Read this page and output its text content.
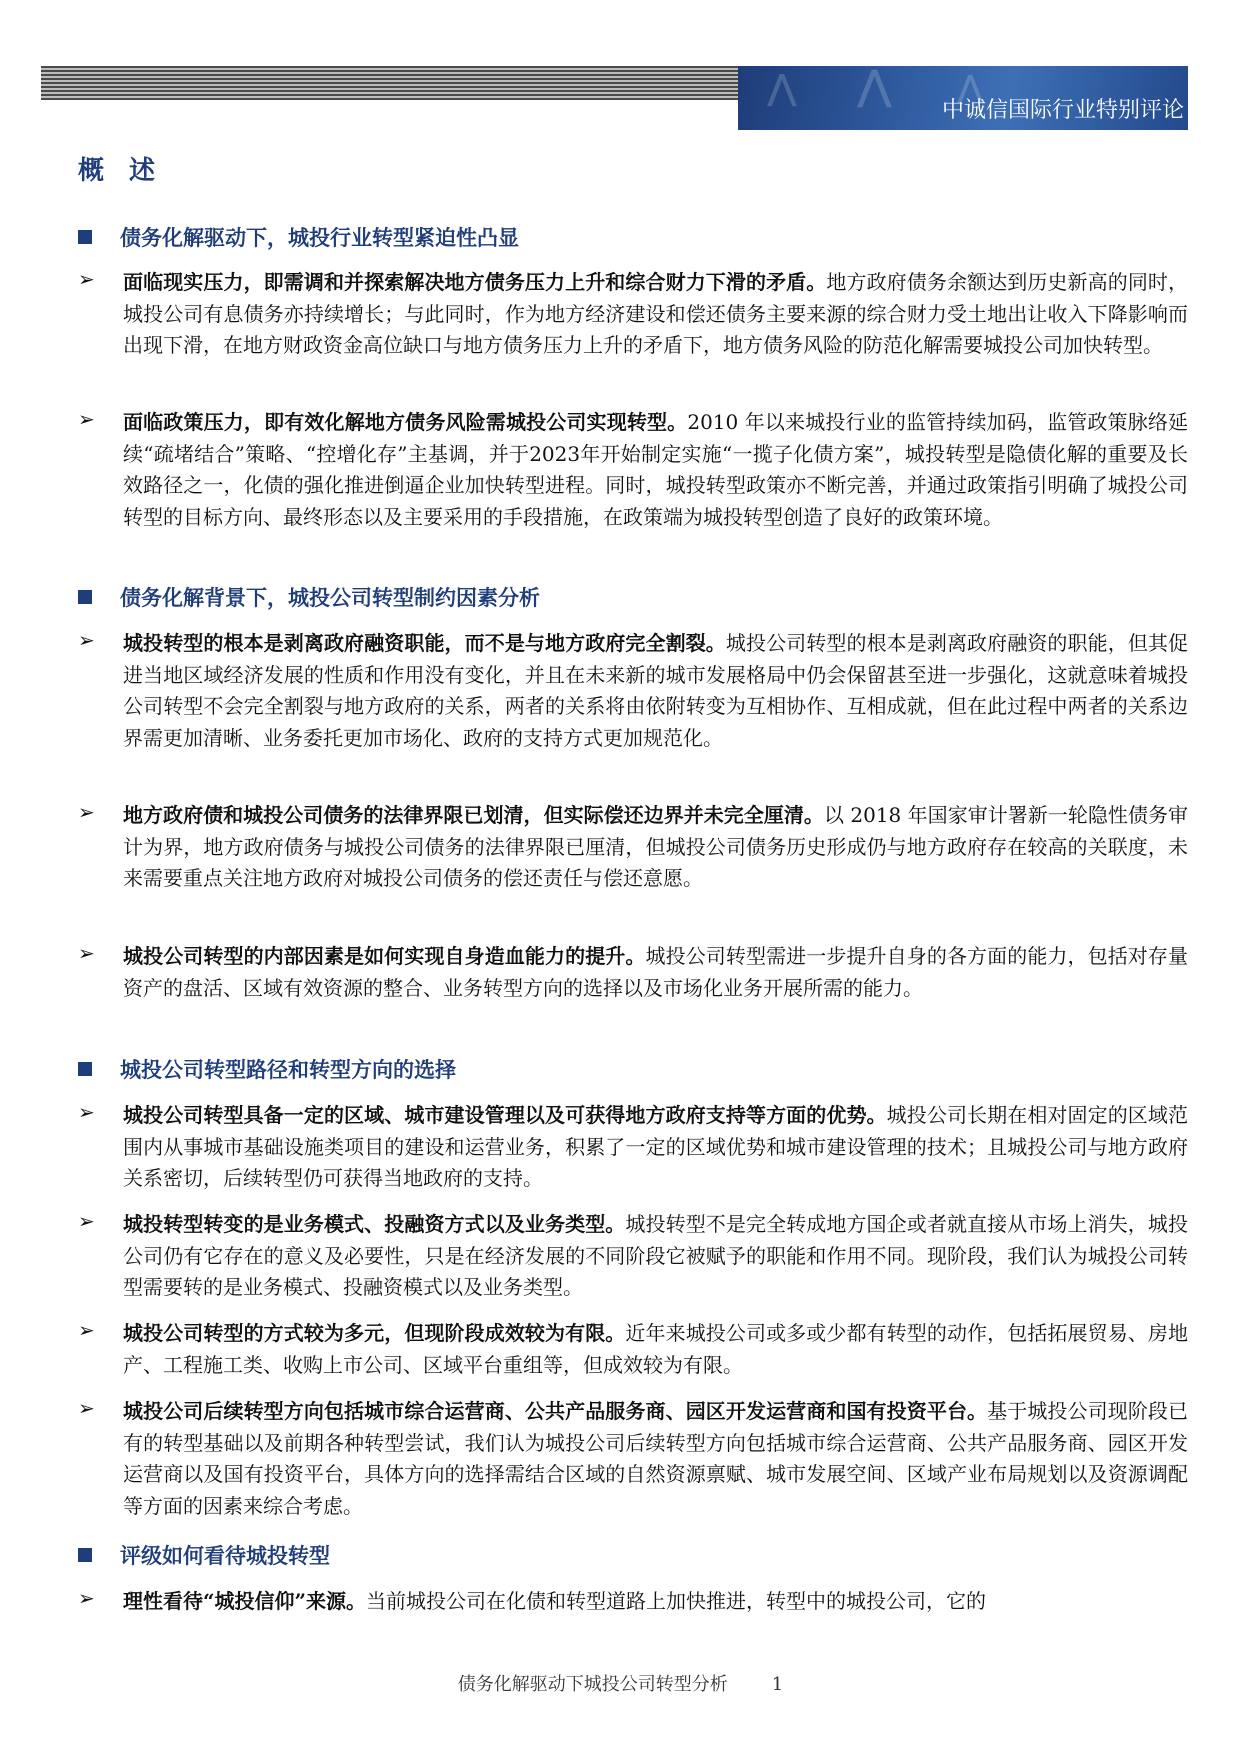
⋀ ⋀ ⋀
中诚信国际行业特别评论
概 述
债务化解驱动下，城投行业转型紧迫性凸显
➢ 面临现实压力，即需调和并探索解决地方债务压力上升和综合财力下滑的矛盾。地方政府债务余额达到历史新高的同时，城投公司有息债务亦持续增长；与此同时，作为地方经济建设和偿还债务主要来源的综合财力受土地出让收入下降影响而出现下滑，在地方财政资金高位缺口与地方债务压力上升的矛盾下，地方债务风险的防范化解需要城投公司加快转型。
➢ 面临政策压力，即有效化解地方债务风险需城投公司实现转型。2010 年以来城投行业的监管持续加码，监管政策脉络延续“疏堵结合”策略、“控增化存”主基调，并于2023年开始制定实施“一揽子化债方案”，城投转型是隐债化解的重要及长效路径之一，化债的强化推进倒逼企业加快转型进程。同时，城投转型政策亦不断完善，并通过政策指引明确了城投公司转型的目标方向、最终形态以及主要采用的手段措施，在政策端为城投转型创造了良好的政策环境。
债务化解背景下，城投公司转型制约因素分析
➢ 城投转型的根本是剥离政府融资职能，而不是与地方政府完全割裂。城投公司转型的根本是剥离政府融资的职能，但其促进当地区域经济发展的性质和作用没有变化，并且在未来新的城市发展格局中仍会保留甚至进一步强化，这就意味着城投公司转型不会完全割裂与地方政府的关系，两者的关系将由依附转变为互相协作、互相成就，但在此过程中两者的关系边界需更加清晰、业务委托更加市场化、政府的支持方式更加规范化。
➢ 地方政府债和城投公司债务的法律界限已划清，但实际偿还边界并未完全厘清。以 2018 年国家审计署新一轮隐性债务审计为界，地方政府债务与城投公司债务的法律界限已厘清，但城投公司债务历史形成仍与地方政府存在较高的关联度，未来需要重点关注地方政府对城投公司债务的偿还责任与偿还意愿。
➢ 城投公司转型的内部因素是如何实现自身造血能力的提升。城投公司转型需进一步提升自身的各方面的能力，包括对存量资产的盘活、区域有效资源的整合、业务转型方向的选择以及市场化业务开展所需的能力。
城投公司转型路径和转型方向的选择
➢ 城投公司转型具备一定的区域、城市建设管理以及可获得地方政府支持等方面的优势。城投公司长期在相对固定的区域范围内从事城市基础设施类项目的建设和运营业务，积累了一定的区域优势和城市建设管理的技术；且城投公司与地方政府关系密切，后续转型仍可获得当地政府的支持。
➢ 城投转型转变的是业务模式、投融资方式以及业务类型。城投转型不是完全转成地方国企或者就直接从市场上消失，城投公司仍有它存在的意义及必要性，只是在经济发展的不同阶段它被赋予的职能和作用不同。现阶段，我们认为城投公司转型需要转的是业务模式、投融资模式以及业务类型。
➢ 城投公司转型的方式较为多元，但现阶段成效较为有限。近年来城投公司或多或少都有转型的动作，包括拓展贸易、房地产、工程施工类、收购上市公司、区域平台重组等，但成效较为有限。
➢ 城投公司后续转型方向包括城市综合运营商、公共产品服务商、园区开发运营商和国有投资平台。基于城投公司现阶段已有的转型基础以及前期各种转型尝试，我们认为城投公司后续转型方向包括城市综合运营商、公共产品服务商、园区开发运营商以及国有投资平台，具体方向的选择需结合区域的自然资源禀赋、城市发展空间、区域产业布局规划以及资源调配等方面的因素来综合考虑。
评级如何看待城投转型
➢ 理性看待“城投信仰”来源。当前城投公司在化债和转型道路上加快推进，转型中的城投公司，它的
债务化解驱动下城投公司转型分析 1
